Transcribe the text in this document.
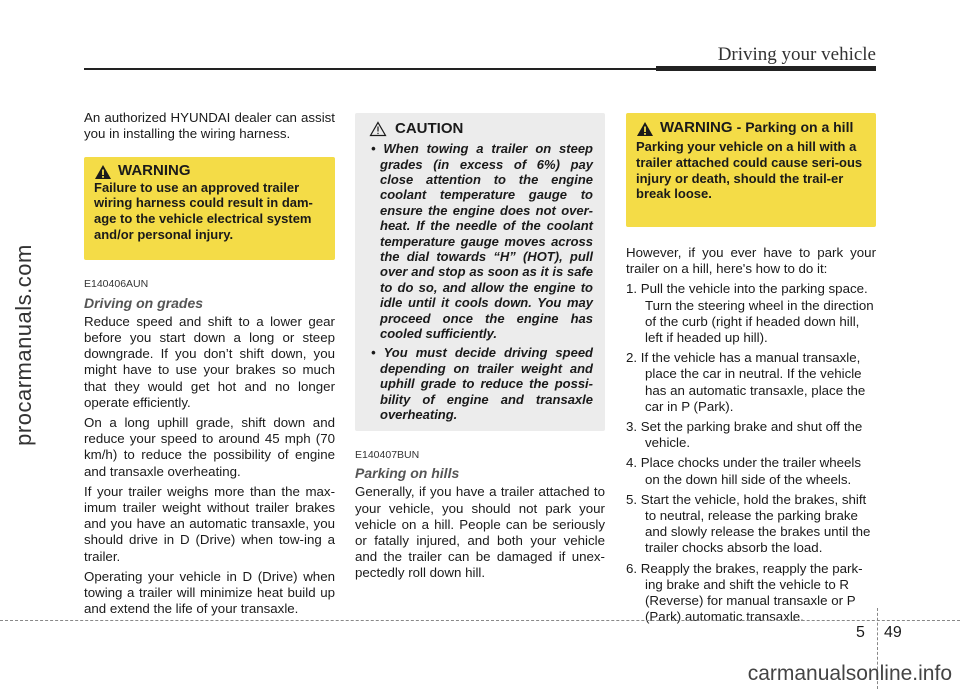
Driving your vehicle
procarmanuals.com

An authorized HYUNDAI dealer can assist you in installing the wiring harness.

WARNING
Failure to use an approved trailer wiring harness could result in dam-age to the vehicle electrical system and/or personal injury.
E140406AUN
Driving on grades

Reduce speed and shift to a lower gear before you start down a long or steep downgrade. If you don’t shift down, you might have to use your brakes so much that they would get hot and no longer operate efficiently.

On a long uphill grade, shift down and reduce your speed to around 45 mph (70 km/h) to reduce the possibility of engine and transaxle overheating.

If your trailer weighs more than the max-imum trailer weight without trailer brakes and you have an automatic transaxle, you should drive in D (Drive) when tow-ing a trailer.

Operating your vehicle in D (Drive) when towing a trailer will minimize heat build up and extend the life of your transaxle.

CAUTION

• When towing a trailer on steep grades (in excess of 6%) pay close attention to the engine coolant temperature gauge to ensure the engine does not over-heat. If the needle of the coolant temperature gauge moves across the dial towards “H” (HOT), pull over and stop as soon as it is safe to do so, and allow the engine to idle until it cools down. You may proceed once the engine has cooled sufficiently.

• You must decide driving speed depending on trailer weight and uphill grade to reduce the possi-bility of engine and transaxle overheating.

E140407BUN
Parking on hills

Generally, if you have a trailer attached to your vehicle, you should not park your vehicle on a hill. People can be seriously or fatally injured, and both your vehicle and the trailer can be damaged if unex-pectedly roll down hill.

WARNING - Parking on a hill
Parking your vehicle on a hill with a trailer attached could cause seri-ous injury or death, should the trail-er break loose.

However, if you ever have to park your trailer on a hill, here's how to do it:

1. Pull the vehicle into the parking space. Turn the steering wheel in the direction of the curb (right if headed down hill, left if headed up hill).

2. If the vehicle has a manual transaxle, place the car in neutral. If the vehicle has an automatic transaxle, place the car in P (Park).

3. Set the parking brake and shut off the vehicle.

4. Place chocks under the trailer wheels on the down hill side of the wheels.

5. Start the vehicle, hold the brakes, shift to neutral, release the parking brake and slowly release the brakes until the trailer chocks absorb the load.

6. Reapply the brakes, reapply the park-ing brake and shift the vehicle to R (Reverse) for manual transaxle or P (Park) automatic transaxle.

5 49
carmanualsonline.info
